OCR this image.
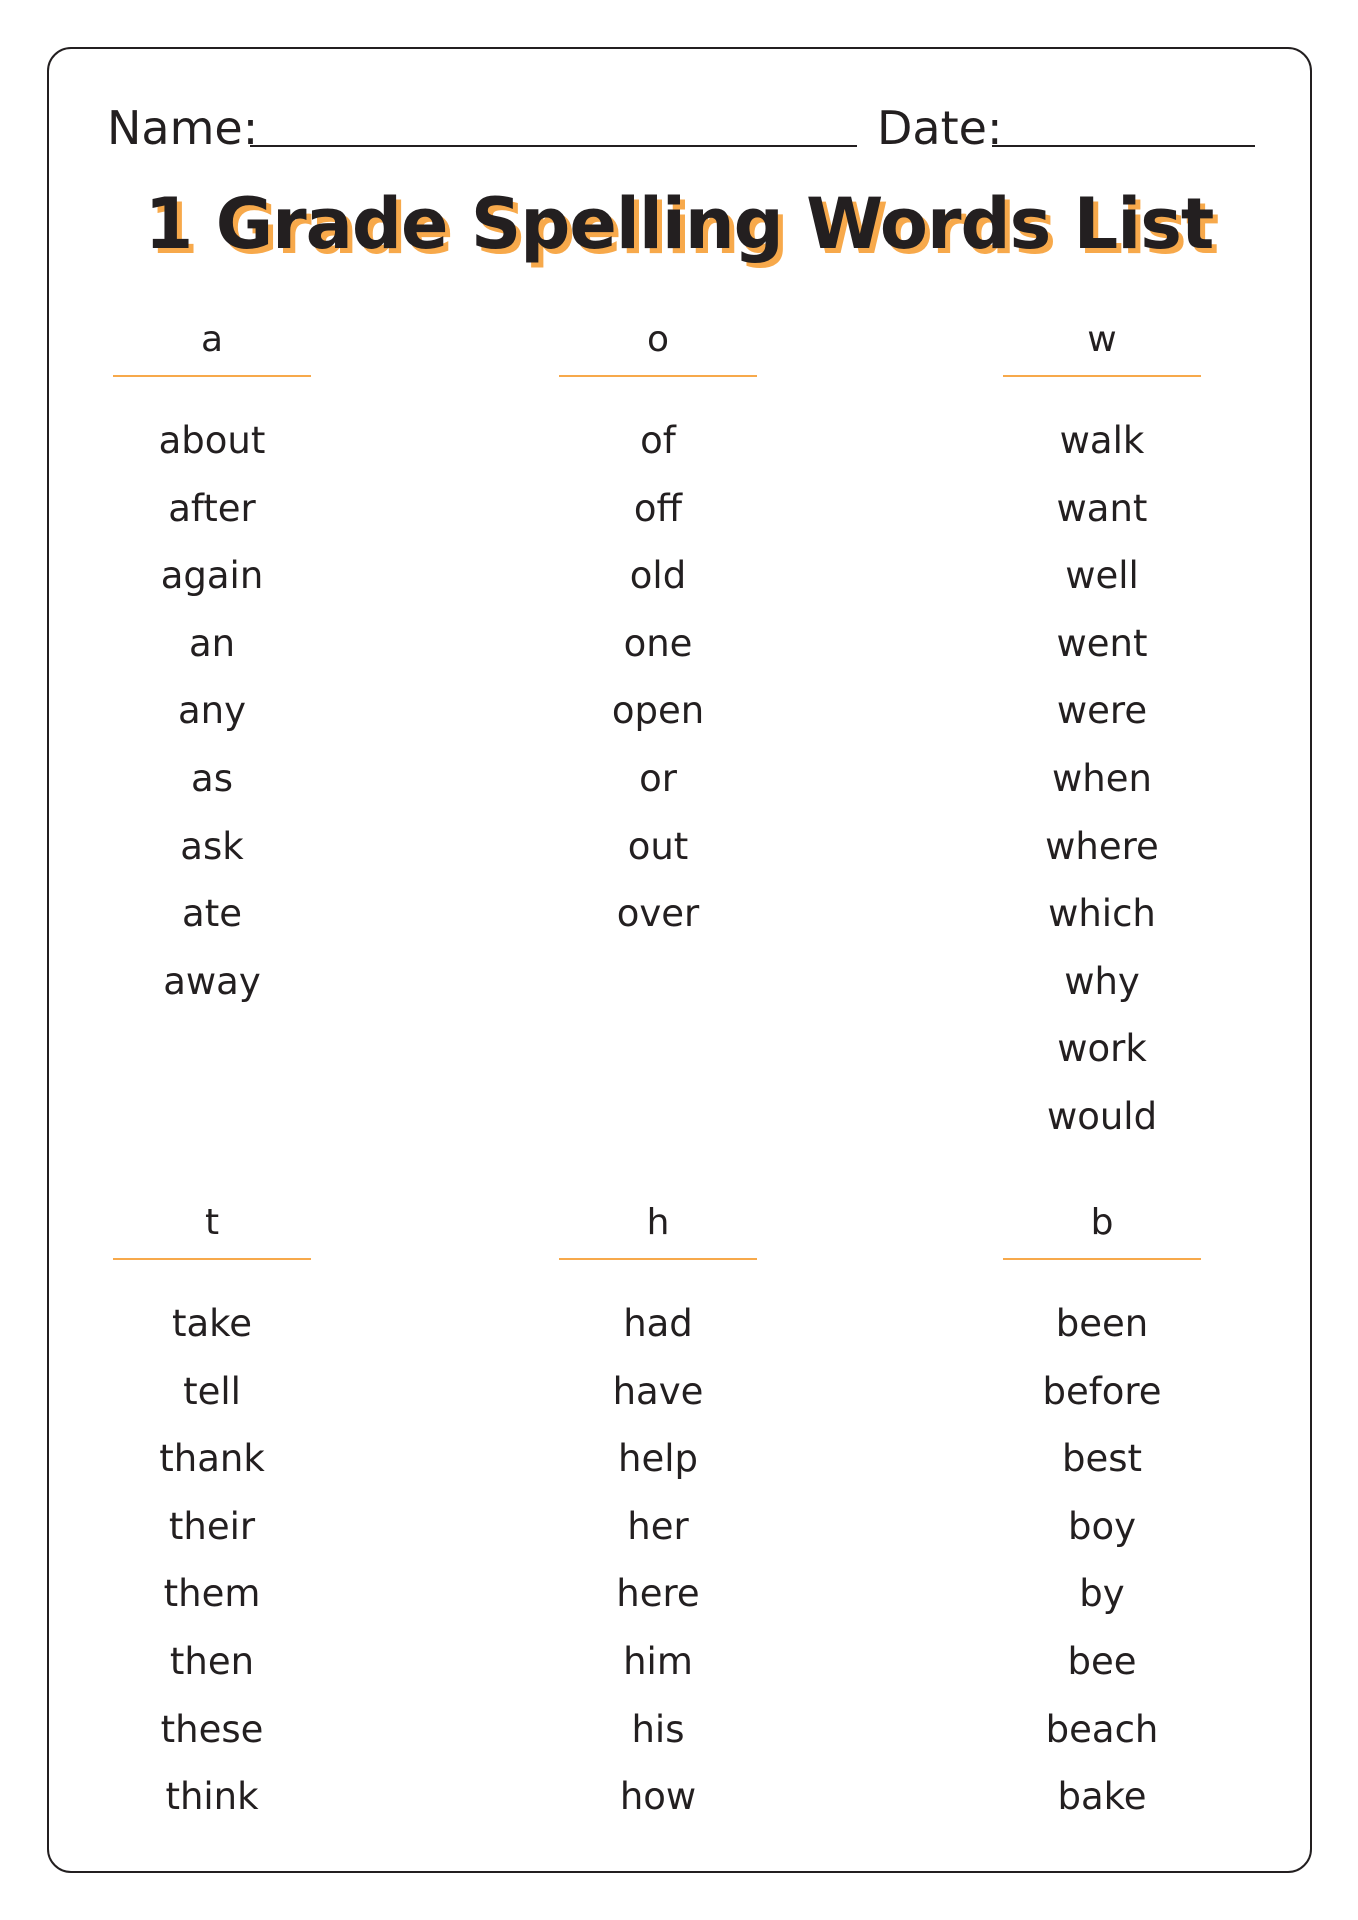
Name:	Date:
1 Grade Spelling Words List
a
about
after
again
an
any
as
ask
ate
away
o
of
off
old
one
open
or
out
over
w
walk
want
well
went
were
when
where
which
why
work
would
t
take
tell
thank
their
them
then
these
think
h
had
have
help
her
here
him
his
how
b
been
before
best
boy
by
bee
beach
bake
